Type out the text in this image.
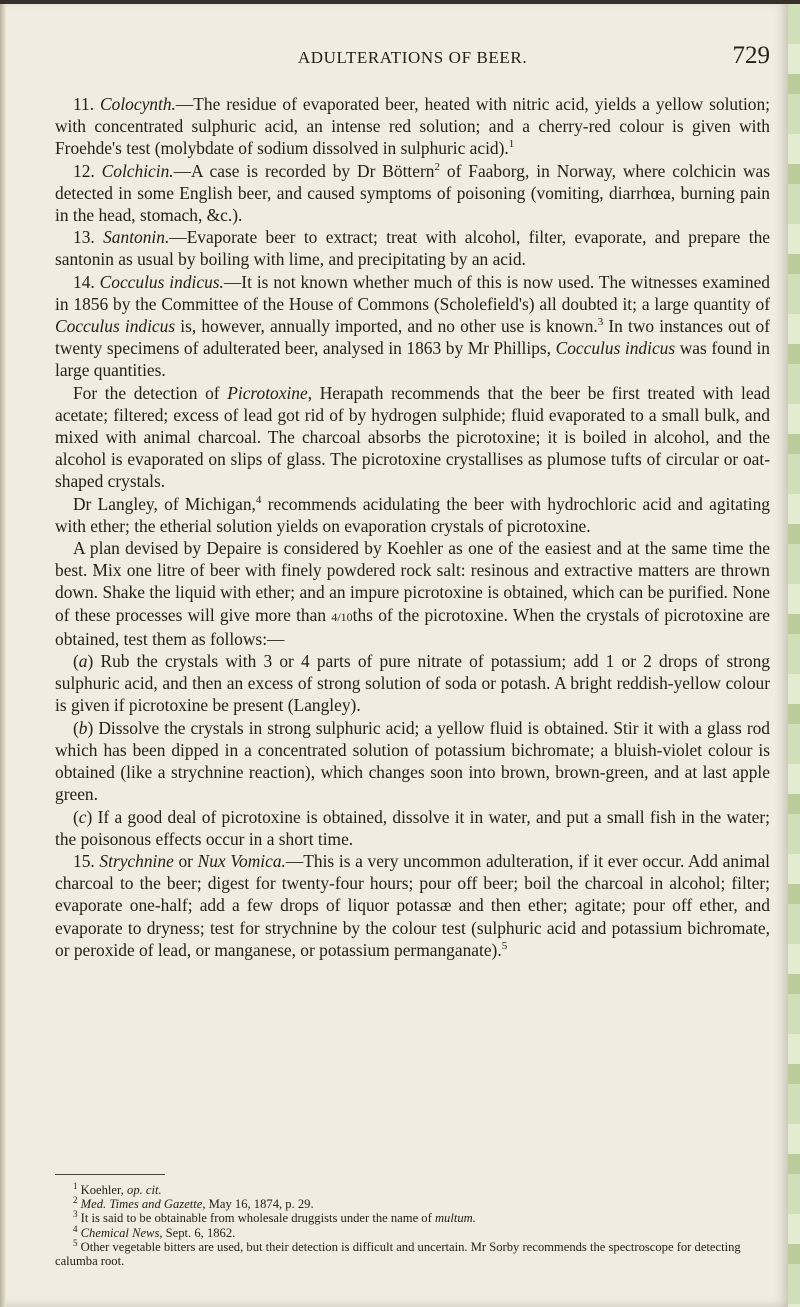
ADULTERATIONS OF BEER.	729

11. Colocynth.—The residue of evaporated beer, heated with nitric acid, yields a yellow solution; with concentrated sulphuric acid, an intense red solution; and a cherry-red colour is given with Froehde's test (molybdate of sodium dissolved in sulphuric acid).$^1$

12. Colchicin.—A case is recorded by Dr Böttern$^2$ of Faaborg, in Norway, where colchicin was detected in some English beer, and caused symptoms of poisoning (vomiting, diarrhœa, burning pain in the head, stomach, &c.).

13. Santonin.—Evaporate beer to extract; treat with alcohol, filter, evaporate, and prepare the santonin as usual by boiling with lime, and precipitating by an acid.

14. Cocculus indicus.—It is not known whether much of this is now used. The witnesses examined in 1856 by the Committee of the House of Commons (Scholefield's) all doubted it; a large quantity of Cocculus indicus is, however, annually imported, and no other use is known.$^3$ In two instances out of twenty specimens of adulterated beer, analysed in 1863 by Mr Phillips, Cocculus indicus was found in large quantities.

For the detection of Picrotoxine, Herapath recommends that the beer be first treated with lead acetate; filtered; excess of lead got rid of by hydrogen sulphide; fluid evaporated to a small bulk, and mixed with animal charcoal. The charcoal absorbs the picrotoxine; it is boiled in alcohol, and the alcohol is evaporated on slips of glass. The picrotoxine crystallises as plumose tufts of circular or oat-shaped crystals.

Dr Langley, of Michigan,$^4$ recommends acidulating the beer with hydrochloric acid and agitating with ether; the etherial solution yields on evaporation crystals of picrotoxine.

A plan devised by Depaire is considered by Koehler as one of the easiest and at the same time the best. Mix one litre of beer with finely powdered rock salt: resinous and extractive matters are thrown down. Shake the liquid with ether; and an impure picrotoxine is obtained, which can be purified. None of these processes will give more than 4/10ths of the picrotoxine. When the crystals of picrotoxine are obtained, test them as follows:—

(a) Rub the crystals with 3 or 4 parts of pure nitrate of potassium; add 1 or 2 drops of strong sulphuric acid, and then an excess of strong solution of soda or potash. A bright reddish-yellow colour is given if picrotoxine be present (Langley).

(b) Dissolve the crystals in strong sulphuric acid; a yellow fluid is obtained. Stir it with a glass rod which has been dipped in a concentrated solution of potassium bichromate; a bluish-violet colour is obtained (like a strychnine reaction), which changes soon into brown, brown-green, and at last apple green.

(c) If a good deal of picrotoxine is obtained, dissolve it in water, and put a small fish in the water; the poisonous effects occur in a short time.

15. Strychnine or Nux Vomica.—This is a very uncommon adulteration, if it ever occur. Add animal charcoal to the beer; digest for twenty-four hours; pour off beer; boil the charcoal in alcohol; filter; evaporate one-half; add a few drops of liquor potassæ and then ether; agitate; pour off ether, and evaporate to dryness; test for strychnine by the colour test (sulphuric acid and potassium bichromate, or peroxide of lead, or manganese, or potassium permanganate).$^5$

$^1$ Koehler, op. cit.

$^2$ Med. Times and Gazette, May 16, 1874, p. 29.

$^3$ It is said to be obtainable from wholesale druggists under the name of multum.

$^4$ Chemical News, Sept. 6, 1862.

$^5$ Other vegetable bitters are used, but their detection is difficult and uncertain. Mr Sorby recommends the spectroscope for detecting calumba root.
